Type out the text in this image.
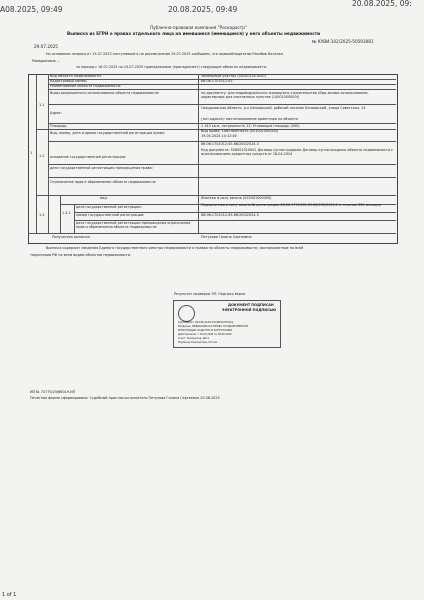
А08.2025, 09:49	20.08.2025, 09:49
20.08.2025, 09:
Публично-правовая компания "Роскадастр"
Выписка из ЕГРН о правах отдельного лица на имевшиеся (имеющиеся) у него объекты недвижимости
№ КУВИ-102/2025-50593081
29.07.2025
На основании запроса от 15.07.2025 поступившего на рассмотрение 29.07.2025 сообщаем, что правообладателю Рахибов Ваталья
Рамадановна ...
за период с 16.07.2025 по 15.07.2025 принадлежали (принадлежат) следующие объекты недвижимости:
1
1.1
1.2
1.3	1.3.1
Вид объекта недвижимости:
Кадастровый номер:
Наименование объекта недвижимости:
Виды разрешенного использования объекта недвижимости:
Адрес:
Площадь:
Вид, номер, дата и время государственной регистрации права:
основание государственной регистрации:
дата государственной регистрации прекращения права:
Ограничение прав и обременение объекта недвижимости:
вид:
дата государственной регистрации:
номер государственной регистрации:
дата государственной регистрации прекращения ограничения прав и обременения объекта недвижимости:
Получатель выписки:
Земельный участок (002001001000)
66:06:1701012:45
по документу: для индивидуального жилищного строительства (Вид жилых использования, характерные для населенных пунктов (14001000000))
Свердловская область, р-н Белоярский, рабочий поселок Белоярский, улица Советская, 14
(тип адреса): местоположение ориентира на объекте
1 143 кв.м, погрешность 12; Угловащая площадь (000)
Вид права: Собственность (001001000000)
19.04.2024 14:12:46
66:06:1701012:45-66/200/2024-3
Код документа: 558001010001 Договор купли-продажи Договор купли-продажи объекта недвижимости с использованием кредитных средств от 18.04.2024
Ипотека в силу закона (022001000000)
Подписанная в силу закона № регистрации 66:06:1701012:45-66/200/2024-2 в течение 360 месяцев
66:06:1701012:45-66/200/2024-5
Петухова Галина Сергеевна
Выписка содержит сведения Единого государственного реестра недвижимости о правах на объекты недвижимости, расположенные на всей
территории РФ по всем видам объектов недвижимости.
Результат проверки ЭП: Подпись верна
ДОКУМЕНТ ПОДПИСАН
ЭЛЕКТРОННОЙ ПОДПИСЬЮ
Сертификат: 00cbf4c3e33c2da36fa3d7f2e01
Владелец: ФЕДЕРАЛЬНАЯ СЛУЖБА ГОСУДАРСТВЕННОЙ
РЕГИСТРАЦИИ, КАДАСТРА И КАРТОГРАФИИ
Действителен: с 16.05.2025 по 09.08.2026
Агент: Компьютер, Дата
Подписан Компьютера, Россия
ИП № 74779/25/66019-ИП
Печатная форма сформирована: Судебный пристав-исполнитель Петухова Галина Сергеевна 20.08.2025
1 of 1
